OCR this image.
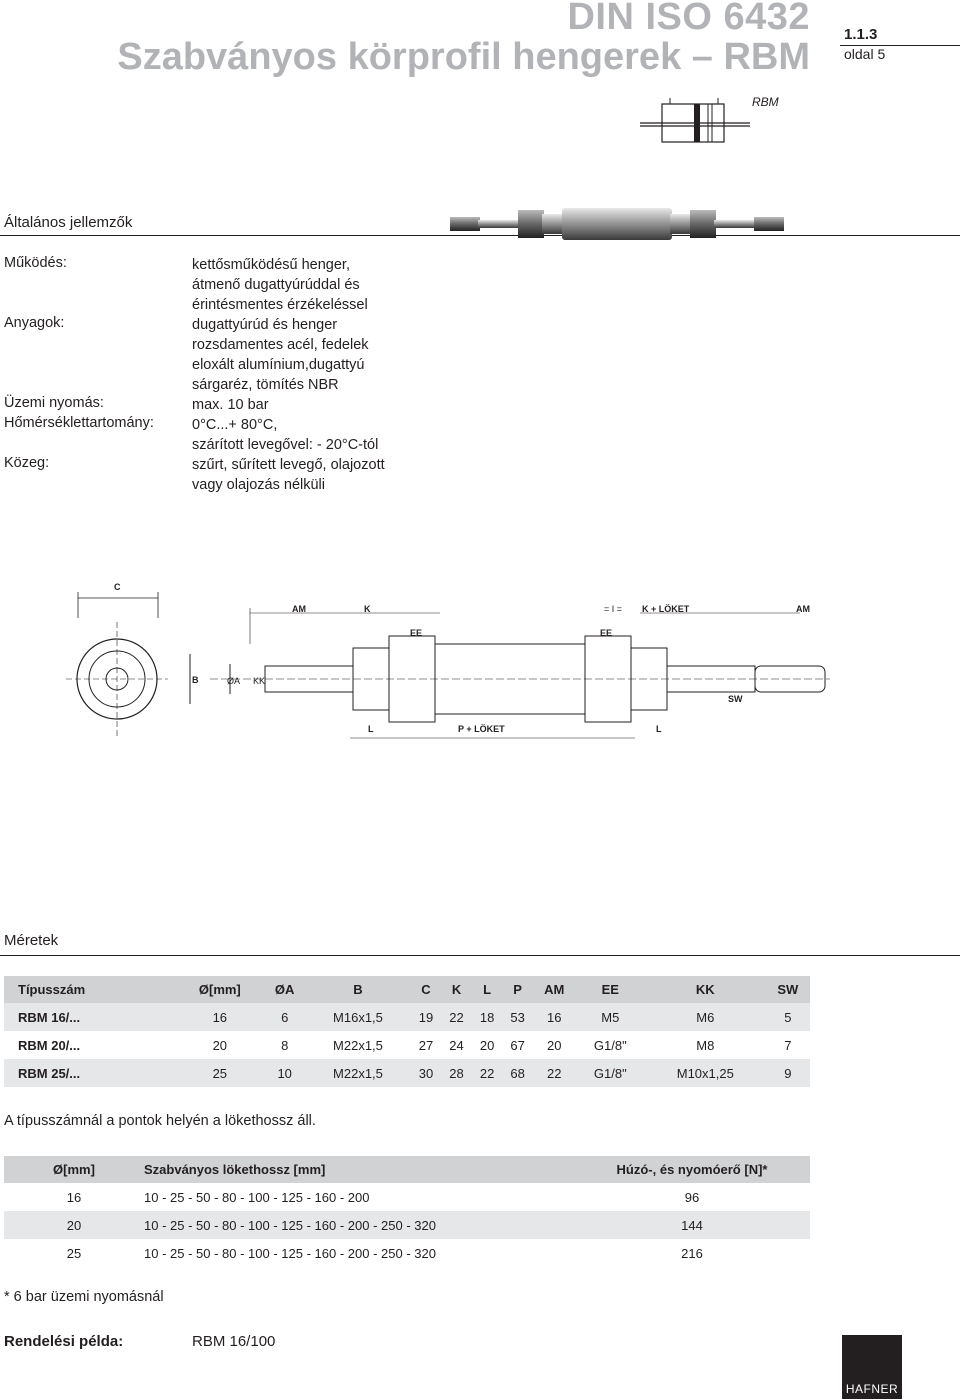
DIN ISO 6432
Szabványos körprofil hengerek – RBM
1.1.3
oldal 5
RBM
Általános jellemzők
Működés:	kettősműködésű henger,
átmenő dugattyúrúddal és
érintésmentes érzékeléssel
Anyagok:	dugattyúrúd és henger
rozsdamentes acél, fedelek
eloxált alumínium,dugattyú
sárgaréz, tömítés NBR
Üzemi nyomás:	max. 10 bar
Hőmérséklettartomány:	0°C...+ 80°C,
szárított levegővel: - 20°C-tól
Közeg:	szűrt, sűrített levegő, olajozott
vagy olajozás nélküli
C
B	ØA KK
AM	K
EE
= I =
EE
K + LÖKET	AM
SW
L	P + LÖKET	L
Méretek
Típusszám	Ø[mm]	ØA	B	C	K	L	P	AM	EE	KK	SW
RBM 16/...	16	6	M16x1,5	19	22	18	53	16	M5	M6	5
RBM 20/...	20	8	M22x1,5	27	24	20	67	20	G1/8"	M8	7
RBM 25/...	25	10	M22x1,5	30	28	22	68	22	G1/8"	M10x1,25	9
A típusszámnál a pontok helyén a lökethossz áll.
Ø[mm]	Szabványos lökethossz [mm]	Húzó-, és nyomóerő [N]*
16	10 - 25 - 50 - 80 - 100 - 125 - 160 - 200	96
20	10 - 25 - 50 - 80 - 100 - 125 - 160 - 200 - 250 - 320	144
25	10 - 25 - 50 - 80 - 100 - 125 - 160 - 200 - 250 - 320	216
* 6 bar üzemi nyomásnál
Rendelési példa:	RBM 16/100
HAFNER
